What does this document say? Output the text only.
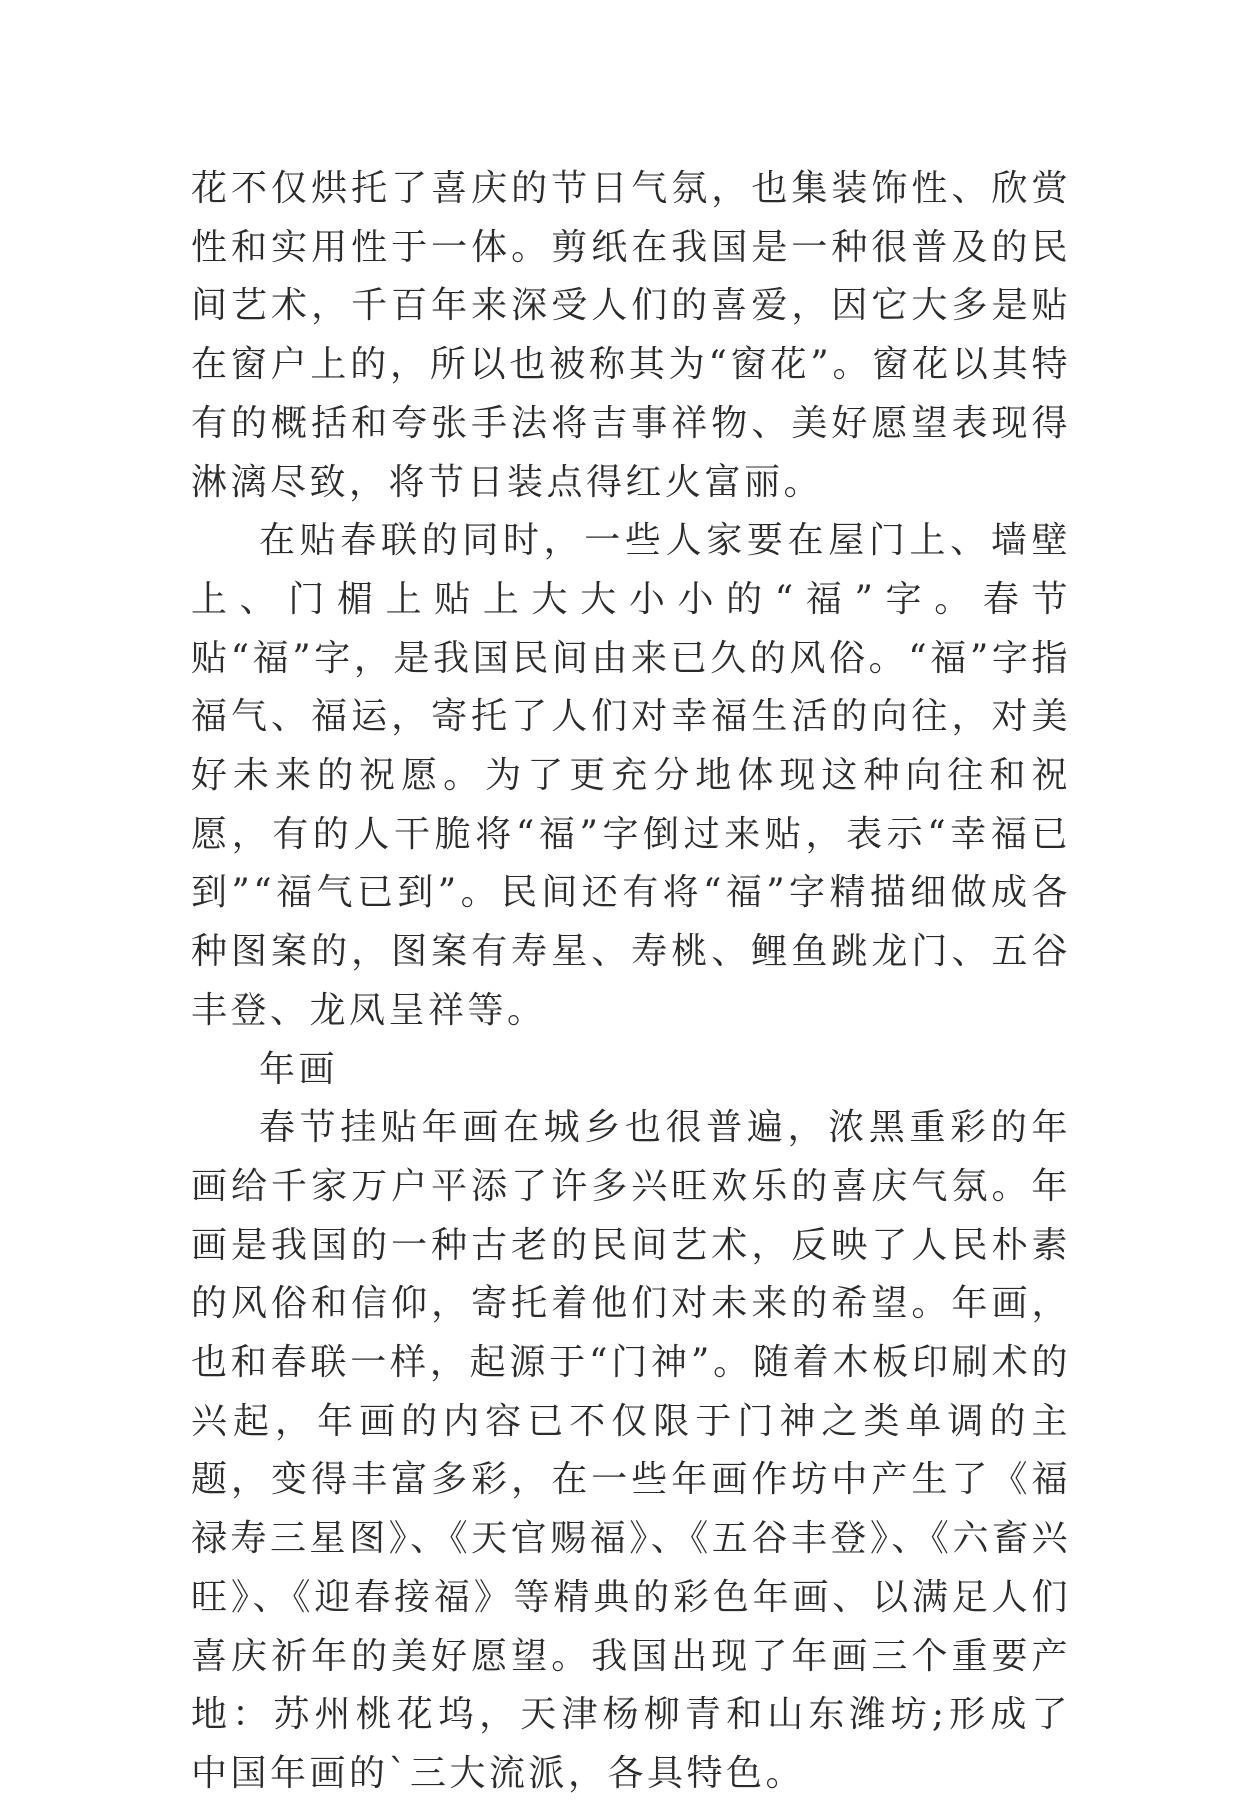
花不仅烘托了喜庆的节日气氛，也集装饰性、欣赏性和实用性于一体。剪纸在我国是一种很普及的民间艺术，千百年来深受人们的喜爱，因它大多是贴在窗户上的，所以也被称其为“窗花”。窗花以其特有的概括和夸张手法将吉事祥物、美好愿望表现得淋漓尽致，将节日装点得红火富丽。

在贴春联的同时，一些人家要在屋门上、墙壁上、门楣上贴上大大小小的“福”字。春节贴“福”字，是我国民间由来已久的风俗。“福”字指福气、福运，寄托了人们对幸福生活的向往，对美好未来的祝愿。为了更充分地体现这种向往和祝愿，有的人干脆将“福”字倒过来贴，表示“幸福已到”“福气已到”。民间还有将“福”字精描细做成各种图案的，图案有寿星、寿桃、鲤鱼跳龙门、五谷丰登、龙凤呈祥等。

年画

春节挂贴年画在城乡也很普遍，浓黑重彩的年画给千家万户平添了许多兴旺欢乐的喜庆气氛。年画是我国的一种古老的民间艺术，反映了人民朴素的风俗和信仰，寄托着他们对未来的希望。年画，也和春联一样，起源于“门神”。随着木板印刷术的兴起，年画的内容已不仅限于门神之类单调的主题，变得丰富多彩，在一些年画作坊中产生了《福禄寿三星图》、《天官赐福》、《五谷丰登》、《六畜兴旺》、《迎春接福》等精典的彩色年画、以满足人们喜庆祈年的美好愿望。我国出现了年画三个重要产地：苏州桃花坞，天津杨柳青和山东潍坊;形成了中国年画的`三大流派，各具特色。
